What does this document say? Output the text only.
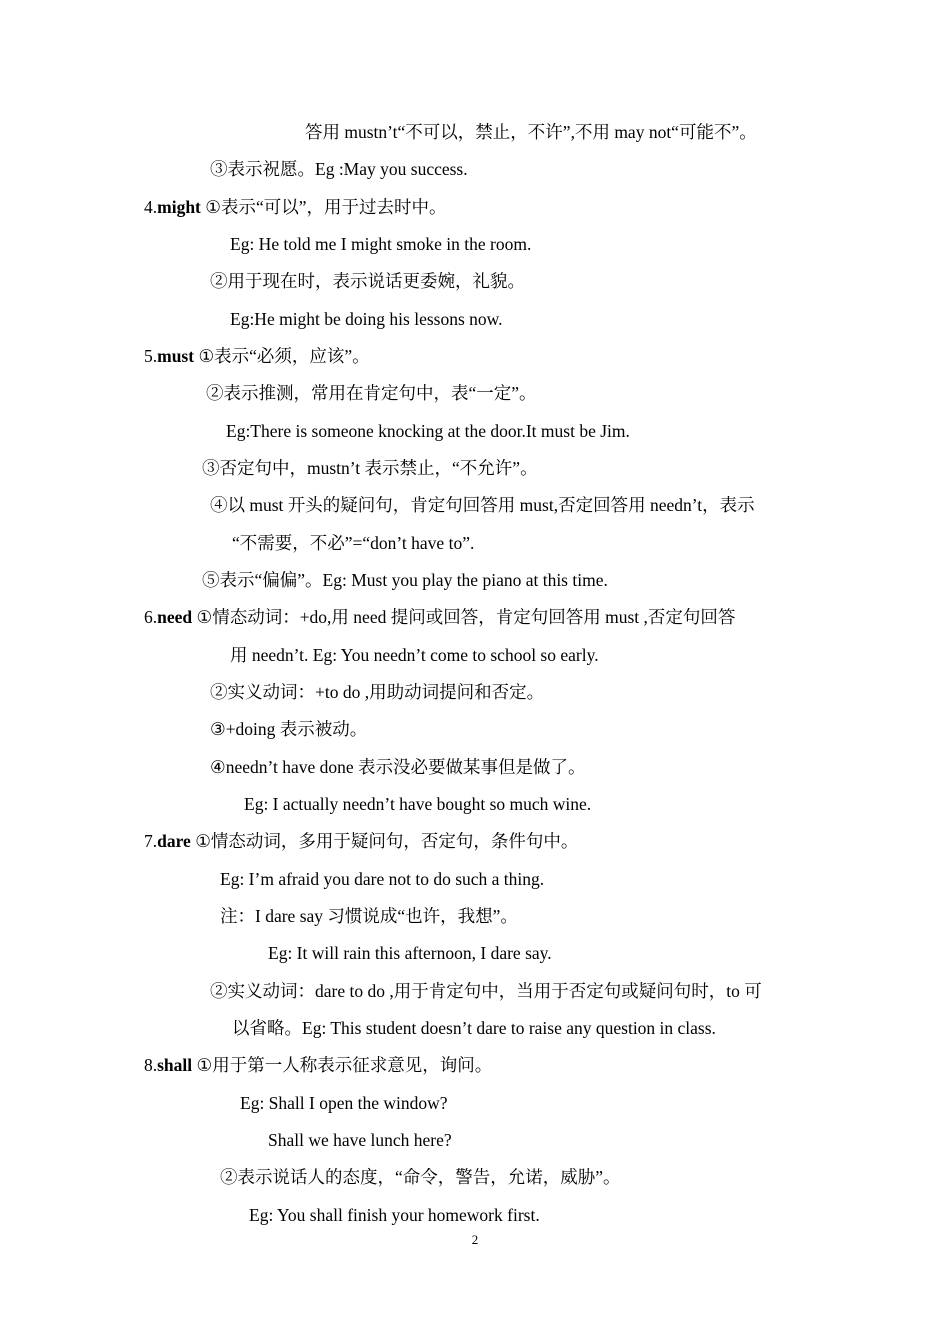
答用 mustn’t“不可以，禁止，不许”,不用 may not“可能不”。
③表示祝愿。Eg :May you success.
4.might ①表示“可以”，用于过去时中。
Eg: He told me I might smoke in the room.
②用于现在时，表示说话更委婉，礼貌。
Eg:He might be doing his lessons now.
5.must ①表示“必须，应该”。
②表示推测，常用在肯定句中，表“一定”。
Eg:There is someone knocking at the door.It must be Jim.
③否定句中，mustn’t 表示禁止，“不允许”。
④以 must 开头的疑问句，肯定句回答用 must,否定回答用 needn’t，表示
“不需要，不必”=“don’t have to”.
⑤表示“偏偏”。Eg: Must you play the piano at this time.
6.need ①情态动词：+do,用 need 提问或回答，肯定句回答用 must ,否定句回答
用 needn’t. Eg: You needn’t come to school so early.
②实义动词：+to do ,用助动词提问和否定。
③+doing 表示被动。
④needn’t have done 表示没必要做某事但是做了。
Eg: I actually needn’t have bought so much wine.
7.dare ①情态动词，多用于疑问句，否定句，条件句中。
Eg: I’m afraid you dare not to do such a thing.
注：I dare say 习惯说成“也许，我想”。
Eg: It will rain this afternoon, I dare say.
②实义动词：dare to do ,用于肯定句中，当用于否定句或疑问句时，to 可
以省略。Eg: This student doesn’t dare to raise any question in class.
8.shall ①用于第一人称表示征求意见，询问。
Eg: Shall I open the window?
Shall we have lunch here?
②表示说话人的态度，“命令，警告，允诺，威胁”。
Eg: You shall finish your homework first.
2
